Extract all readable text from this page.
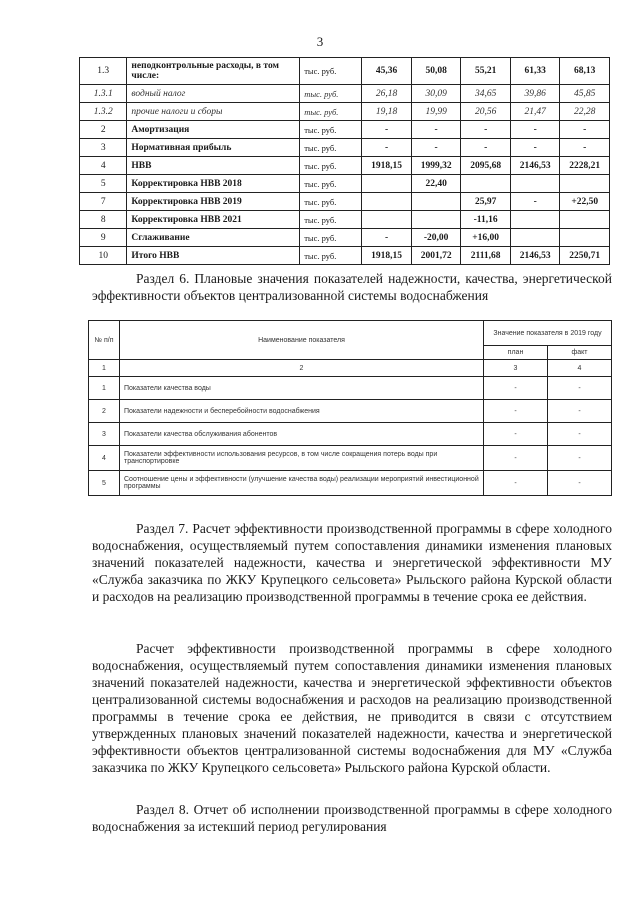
3
1.3	неподконтрольные расходы, в том числе:	тыс. руб.	45,36	50,08	55,21	61,33	68,13
1.3.1	водный налог	тыс. руб.	26,18	30,09	34,65	39,86	45,85
1.3.2	прочие налоги и сборы	тыс. руб.	19,18	19,99	20,56	21,47	22,28
2	Амортизация	тыс. руб.	-	-	-	-	-
3	Нормативная прибыль	тыс. руб.	-	-	-	-	-
4	НВВ	тыс. руб.	1918,15	1999,32	2095,68	2146,53	2228,21
5	Корректировка НВВ 2018	тыс. руб.		22,40			
7	Корректировка НВВ 2019	тыс. руб.			25,97	-	+22,50
8	Корректировка НВВ 2021	тыс. руб.			-11,16		
9	Сглаживание	тыс. руб.	-	-20,00	+16,00		
10	Итого НВВ	тыс. руб.	1918,15	2001,72	2111,68	2146,53	2250,71

Раздел 6. Плановые значения показателей надежности, качества, энергетической эффективности объектов централизованной системы водоснабжения

№ п/п	Наименование показателя	Значение показателя в 2019 году	
		план	факт
1	2	3	4
1	Показатели качества воды	-	-
2	Показатели надежности и бесперебойности водоснабжения	-	-
3	Показатели качества обслуживания абонентов	-	-
4	Показатели эффективности использования ресурсов, в том числе сокращения потерь воды при транспортировке	-	-
5	Соотношение цены и эффективности (улучшение качества воды) реализации мероприятий инвестиционной программы	-	-

Раздел 7. Расчет эффективности производственной программы в сфере холодного водоснабжения, осуществляемый путем сопоставления динамики изменения плановых значений показателей надежности, качества и энергетической эффективности МУ «Служба заказчика по ЖКУ Крупецкого сельсовета» Рыльского района Курской области и расходов на реализацию производственной программы в течение срока ее действия.

Расчет эффективности производственной программы в сфере холодного водоснабжения, осуществляемый путем сопоставления динамики изменения плановых значений показателей надежности, качества и энергетической эффективности объектов централизованной системы водоснабжения и расходов на реализацию производственной программы в течение срока ее действия, не приводится в связи с отсутствием утвержденных плановых значений показателей надежности, качества и энергетической эффективности объектов централизованной системы водоснабжения для МУ «Служба заказчика по ЖКУ Крупецкого сельсовета» Рыльского района Курской области.

Раздел 8. Отчет об исполнении производственной программы в сфере холодного водоснабжения за истекший период регулирования
